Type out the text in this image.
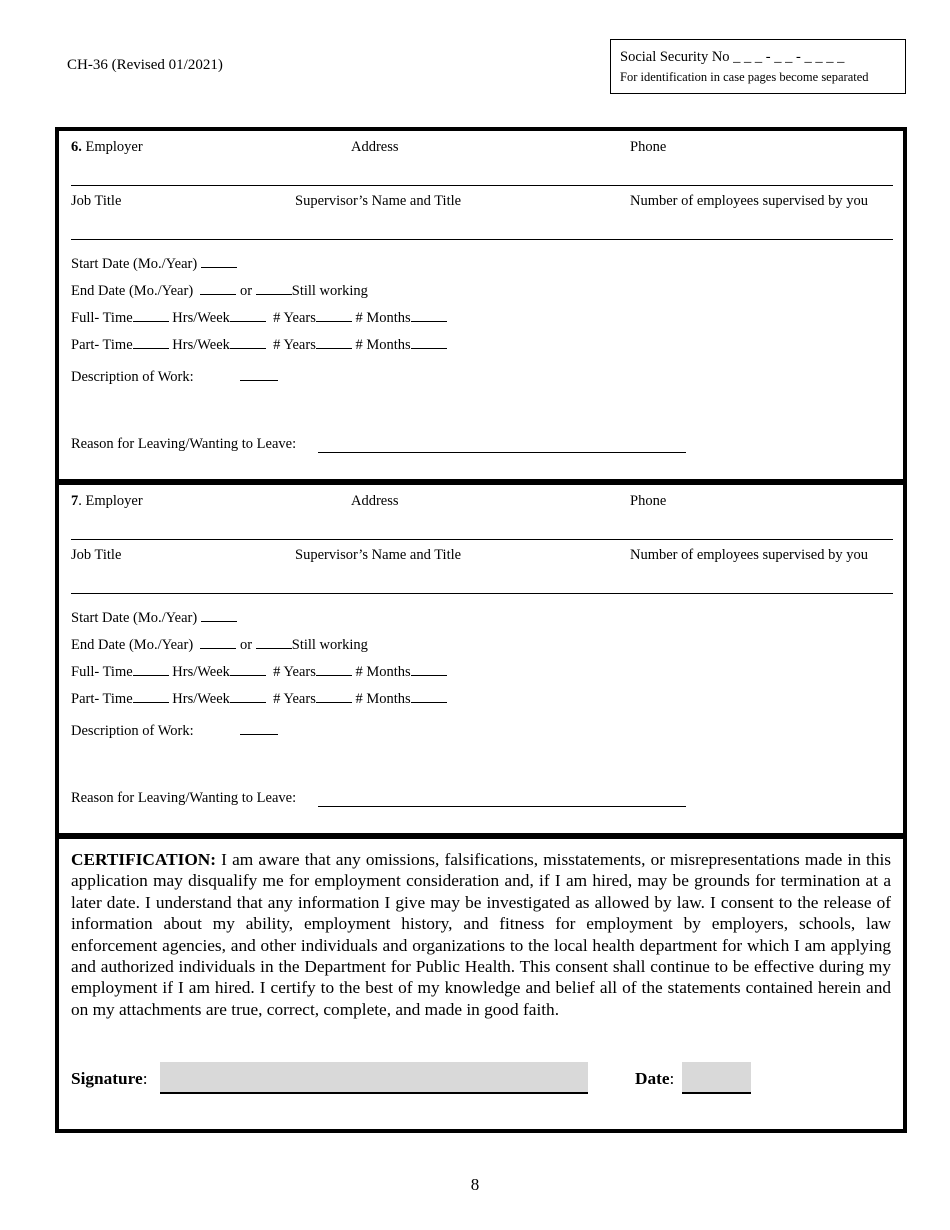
CH-36 (Revised 01/2021)	Social Security No _ _ _ - _ _ - _ _ _ _
For identification in case pages become separated
6. Employer	Address	Phone
Job Title	Supervisor’s Name and Title	Number of employees supervised by you
Start Date (Mo./Year)
End Date (Mo./Year)	or	Still working
Full- Time	Hrs/Week	# Years	# Months
Part- Time	Hrs/Week	# Years	# Months
Description of Work:
Reason for Leaving/Wanting to Leave:
7. Employer	Address	Phone
Job Title	Supervisor’s Name and Title	Number of employees supervised by you
Start Date (Mo./Year)
End Date (Mo./Year)	or	Still working
Full- Time	Hrs/Week	# Years	# Months
Part- Time	Hrs/Week	# Years	# Months
Description of Work:
Reason for Leaving/Wanting to Leave:
CERTIFICATION: I am aware that any omissions, falsifications, misstatements, or misrepresentations made in this application may disqualify me for employment consideration and, if I am hired, may be grounds for termination at a later date. I understand that any information I give may be investigated as allowed by law. I consent to the release of information about my ability, employment history, and fitness for employment by employers, schools, law enforcement agencies, and other individuals and organizations to the local health department for which I am applying and authorized individuals in the Department for Public Health. This consent shall continue to be effective during my employment if I am hired. I certify to the best of my knowledge and belief all of the statements contained herein and on my attachments are true, correct, complete, and made in good faith.
Signature:	Date:
8
